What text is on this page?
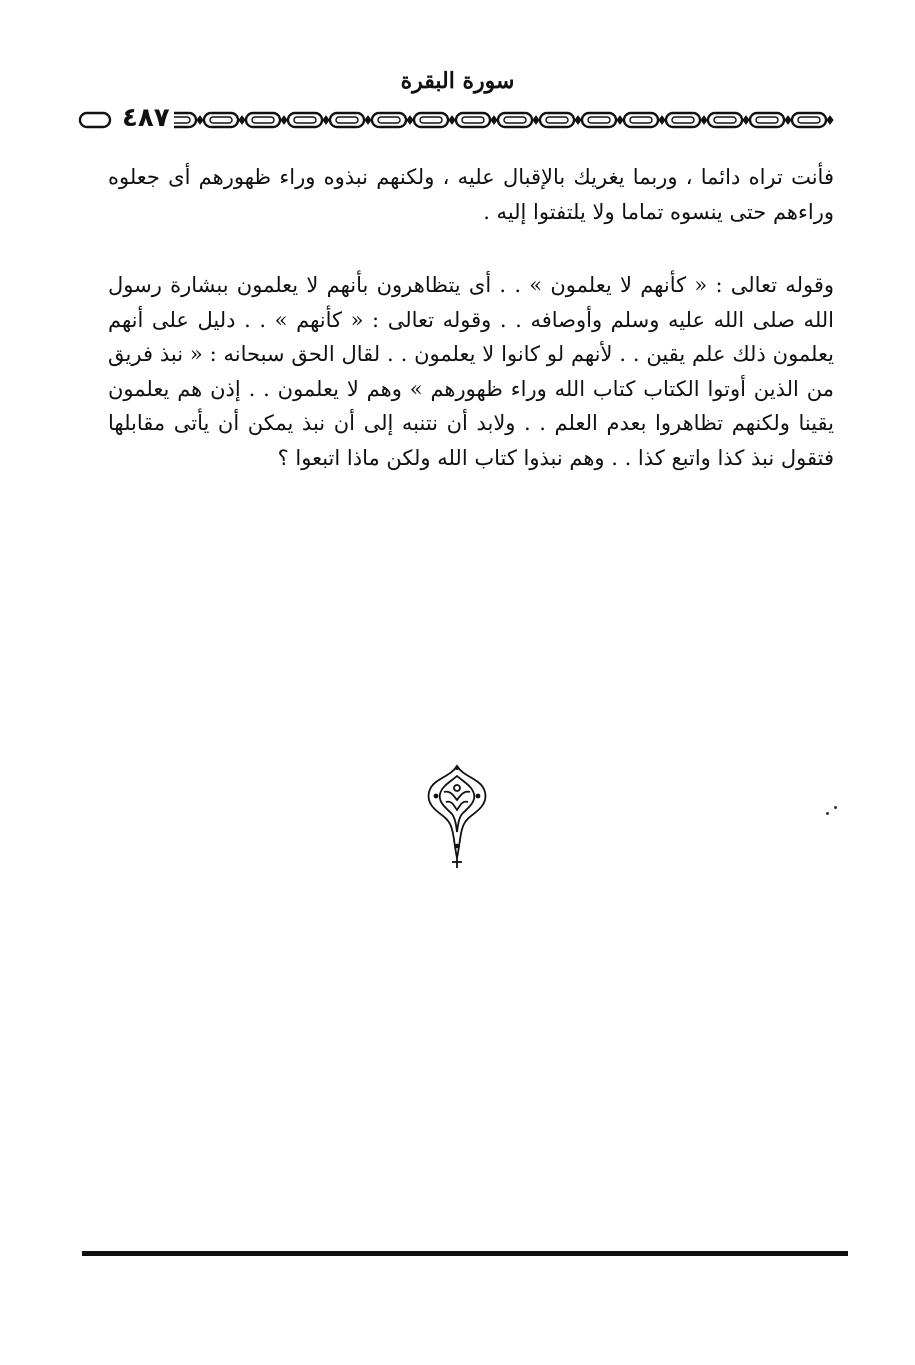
سورة البقرة
٤٨٧

فأنت تراه دائما ، وربما يغريك بالإقبال عليه ، ولكنهم نبذوه وراء ظهورهم أى جعلوه وراءهم حتى ينسوه تماما ولا يلتفتوا إليه .

وقوله تعالى : « كأنهم لا يعلمون » . . أى يتظاهرون بأنهم لا يعلمون ببشارة رسول الله صلى الله عليه وسلم وأوصافه . . وقوله تعالى : « كأنهم » . . دليل على أنهم يعلمون ذلك علم يقين . . لأنهم لو كانوا لا يعلمون . . لقال الحق سبحانه : « نبذ فريق من الذين أوتوا الكتاب كتاب الله وراء ظهورهم » وهم لا يعلمون . . إذن هم يعلمون يقينا ولكنهم تظاهروا بعدم العلم . . ولابد أن نتنبه إلى أن نبذ يمكن أن يأتى مقابلها فتقول نبذ كذا واتبع كذا . . وهم نبذوا كتاب الله ولكن ماذا اتبعوا ؟
